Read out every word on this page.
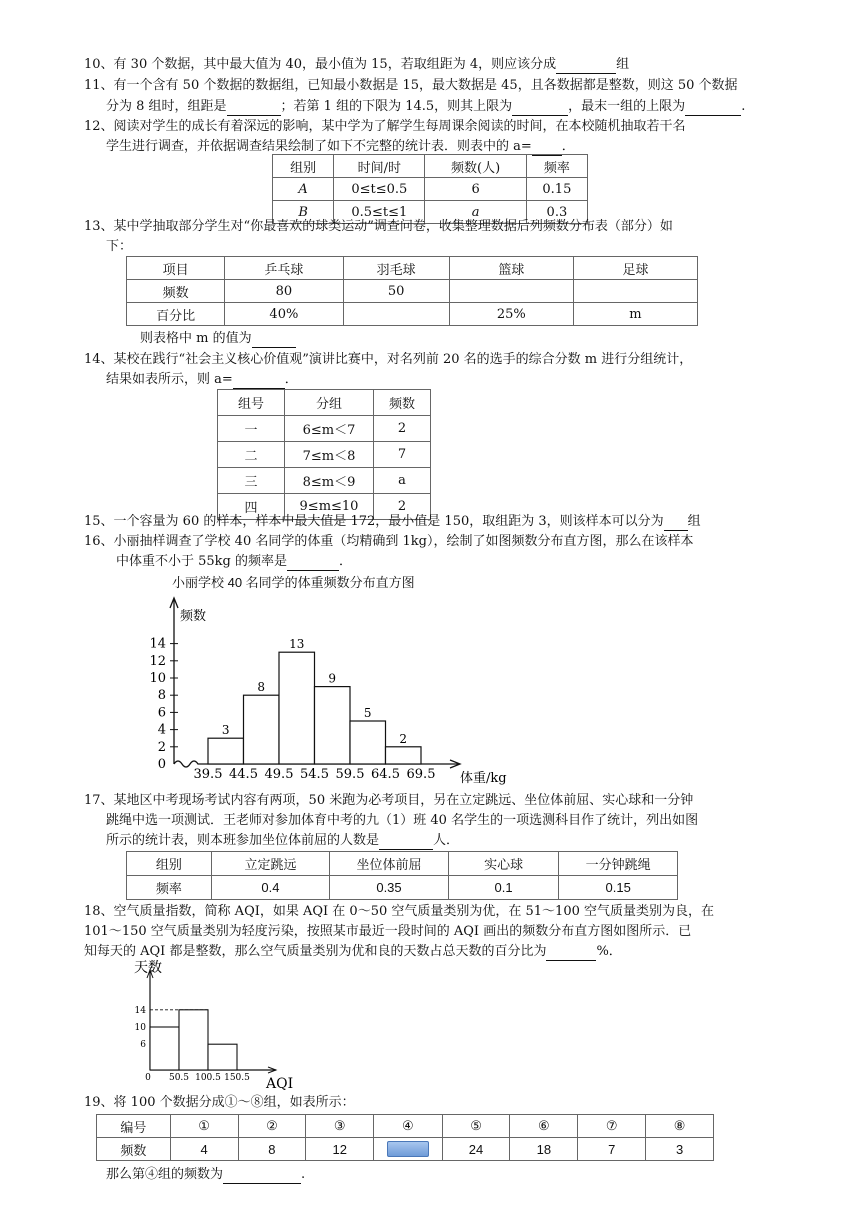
10、有 30 个数据，其中最大值为 40，最小值为 15，若取组距为 4，则应该分成	组
11、有一个含有 50 个数据的数据组，已知最小数据是 15，最大数据是 45，且各数据都是整数，则这 50 个数据
分为 8 组时，组距是	；若第 1 组的下限为 14.5，则其上限为	，最末一组的上限为	.
12、阅读对学生的成长有着深远的影响，某中学为了解学生每周课余阅读的时间，在本校随机抽取若干名
学生进行调查，并依据调查结果绘制了如下不完整的统计表．则表中的 a= ．
组别	时间/时	频数(人)	频率
A	0≤t≤0.5	6	0.15
B	0.5≤t≤1	a	0.3
13、某中学抽取部分学生对“你最喜欢的球类运动”调查问卷，收集整理数据后列频数分布表（部分）如
下：
项目	乒乓球	羽毛球	篮球	足球
频数	80	50		
百分比	40%		25%	m
则表格中 m 的值为
14、某校在践行“社会主义核心价值观”演讲比赛中，对名列前 20 名的选手的综合分数 m 进行分组统计，
结果如表所示，则 a=	．
组号	分组	频数
一	6≤m＜7	2
二	7≤m＜8	7
三	8≤m＜9	a
四	9≤m≤10	2
15、一个容量为 60 的样本，样本中最大值是 172，最小值是 150，取组距为 3，则该样本可以分为 组
16、小丽抽样调查了学校 40 名同学的体重（均精确到 1kg），绘制了如图频数分布直方图，那么在该样本
中体重不小于 55kg 的频率是	．
小丽学校 40 名同学的体重频数分布直方图
频数
体重/kg
0
2
4
6
8
10
12
14
3
8
13
9
5
2
39.5 44.5 49.5 54.5 59.5 64.5 69.5
17、某地区中考现场考试内容有两项，50 米跑为必考项目，另在立定跳远、坐位体前屈、实心球和一分钟
跳绳中选一项测试．王老师对参加体育中考的九（1）班 40 名学生的一项选测科目作了统计，列出如图
所示的统计表，则本班参加坐位体前屈的人数是	人．
组别	立定跳远	坐位体前屈	实心球	一分钟跳绳
频率	0.4	0.35	0.1	0.15
18、空气质量指数，简称 AQI，如果 AQI 在 0～50 空气质量类别为优，在 51～100 空气质量类别为良，在
101～150 空气质量类别为轻度污染，按照某市最近一段时间的 AQI 画出的频数分布直方图如图所示．已
知每天的 AQI 都是整数，那么空气质量类别为优和良的天数占总天数的百分比为	%．
天数
AQI
6
10
14
0 50.5 100.5 150.5
19、将 100 个数据分成①～⑧组，如表所示：
编号	①	②	③	④	⑤	⑥	⑦	⑧
频数	4	8	12		24	18	7	3
那么第④组的频数为	.
